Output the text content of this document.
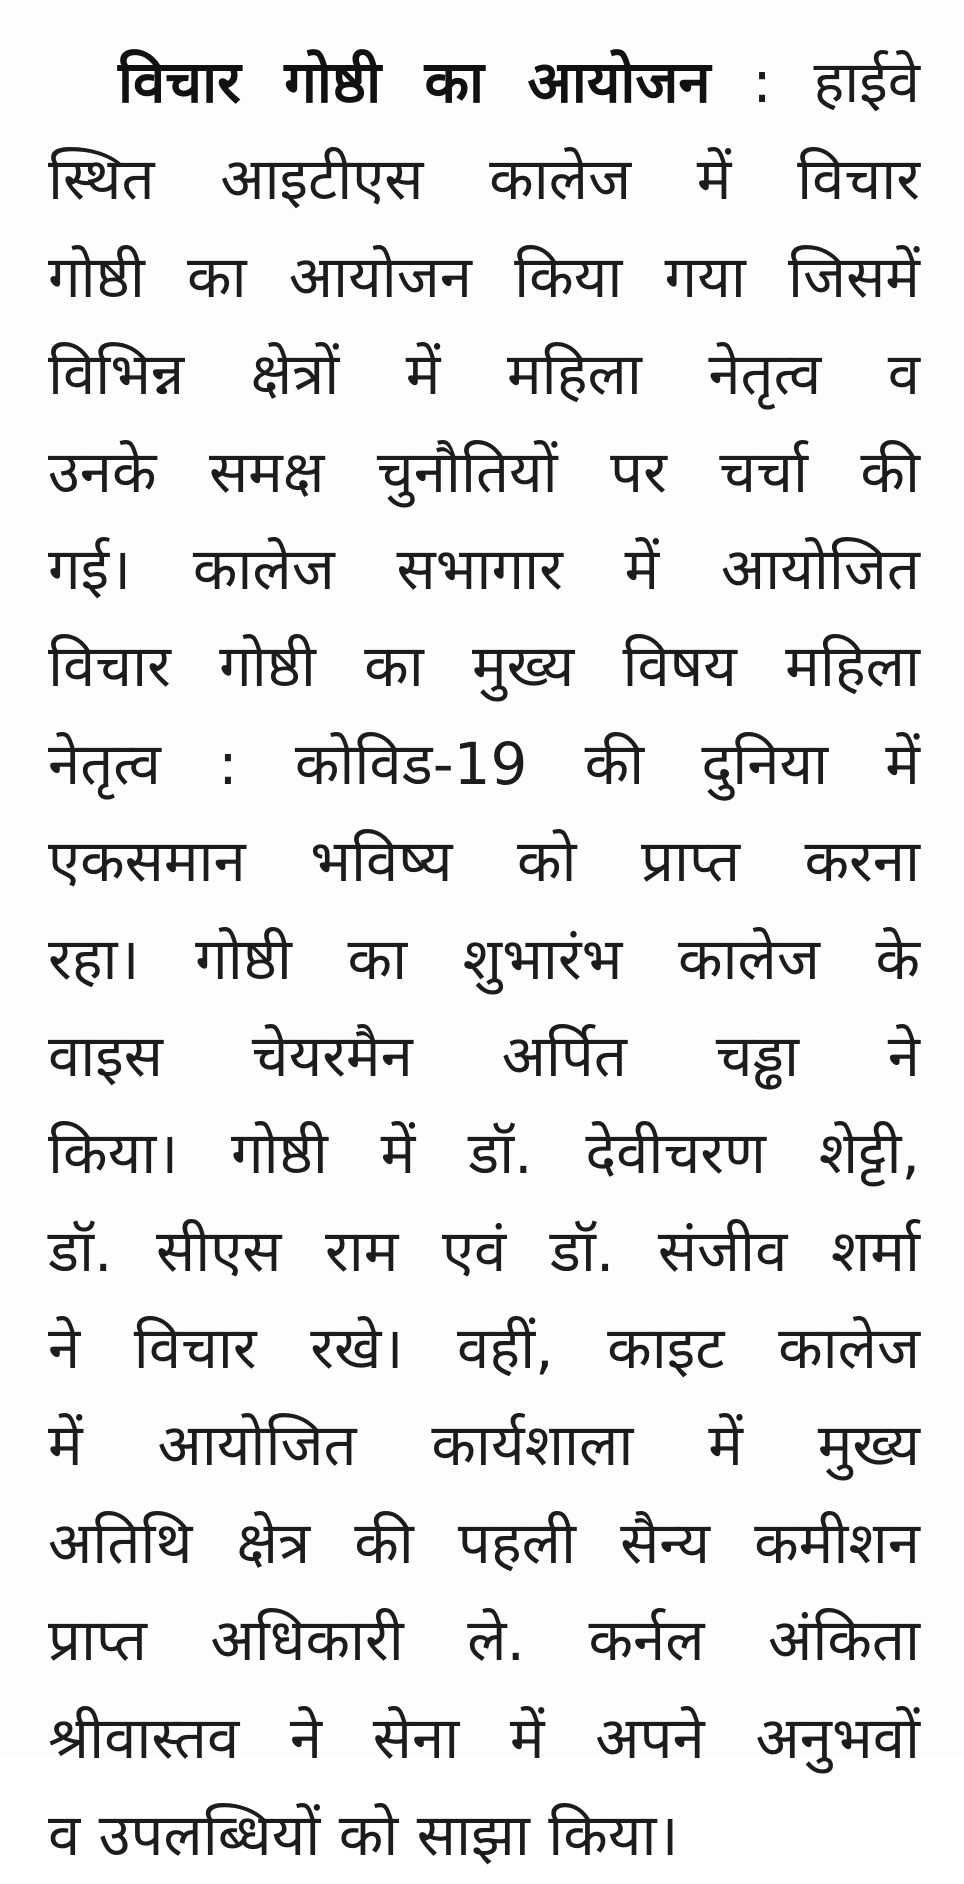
विचार गोष्ठी का आयोजन : हाईवे
स्थित आइटीएस कालेज में विचार
गोष्ठी का आयोजन किया गया जिसमें
विभिन्न क्षेत्रों में महिला नेतृत्व व
उनके समक्ष चुनौतियों पर चर्चा की
गई। कालेज सभागार में आयोजित
विचार गोष्ठी का मुख्य विषय महिला
नेतृत्व : कोविड-19 की दुनिया में
एकसमान भविष्य को प्राप्त करना
रहा। गोष्ठी का शुभारंभ कालेज के
वाइस चेयरमैन अर्पित चड्ढा ने
किया। गोष्ठी में डॉ. देवीचरण शेट्टी,
डॉ. सीएस राम एवं डॉ. संजीव शर्मा
ने विचार रखे। वहीं, काइट कालेज
में आयोजित कार्यशाला में मुख्य
अतिथि क्षेत्र की पहली सैन्य कमीशन
प्राप्त अधिकारी ले. कर्नल अंकिता
श्रीवास्तव ने सेना में अपने अनुभवों
व उपलब्धियों को साझा किया।
